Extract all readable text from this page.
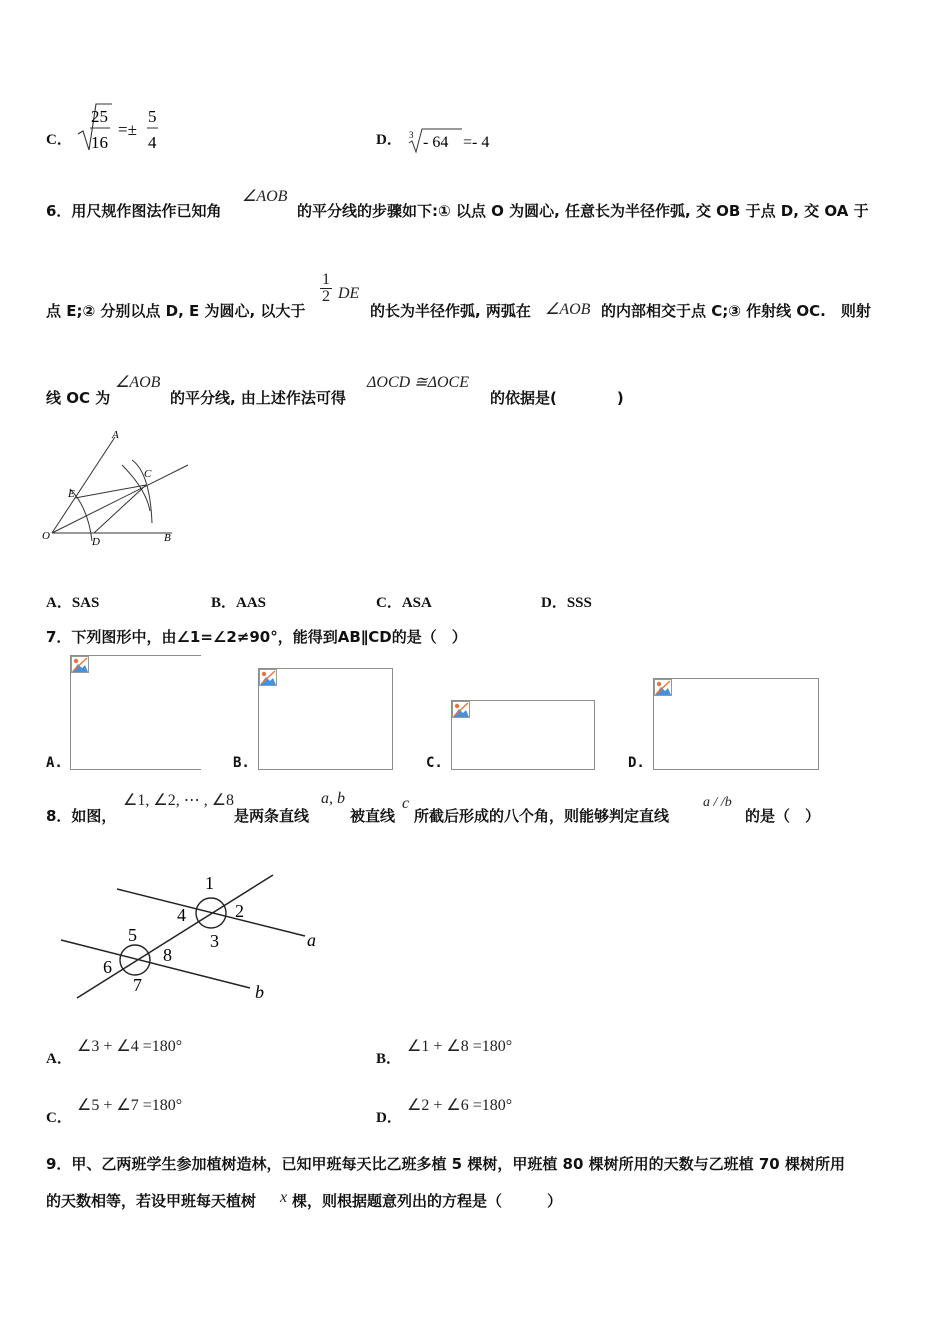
C．
25
16
=±
5
4	D． 3 - 64 =- 4
6．用尺规作图法作已知角
∠AOB
的平分线的步骤如下:① 以点 O 为圆心, 任意长为半径作弧, 交 OB 于点 D, 交 OA 于
点 E;② 分别以点 D, E 为圆心, 以大于
$\frac{1}{2}$ DE
的长为半径作弧, 两弧在 ∠AOB 的内部相交于点 C;③ 作射线 OC.　则射
线 OC 为
∠AOB
的平分线, 由上述作法可得
ΔOCD ≅ΔOCE
的依据是(　　　　)
A
B
C
D
E
O
A．SAS	B．AAS	C．ASA	D．SSS
7．下列图形中，由∠1=∠2≠90°，能得到AB∥CD的是（　）
A.	B.	C.	D.
8．如图，
∠1, ∠2, ⋯ , ∠8
是两条直线
a, b
被直线
c
所截后形成的八个角，则能够判定直线
a / /b
的是（　）
1
2
3
4
5
6
7
8
a
b
A．
∠3 + ∠4 =180°
B．
∠1 + ∠8 =180°
C．
∠5 + ∠7 =180°
D．
∠2 + ∠6 =180°
9．甲、乙两班学生参加植树造林，已知甲班每天比乙班多植 5 棵树，甲班植 80 棵树所用的天数与乙班植 70 棵树所用
的天数相等，若设甲班每天植树 x 棵，则根据题意列出的方程是（　　　）
